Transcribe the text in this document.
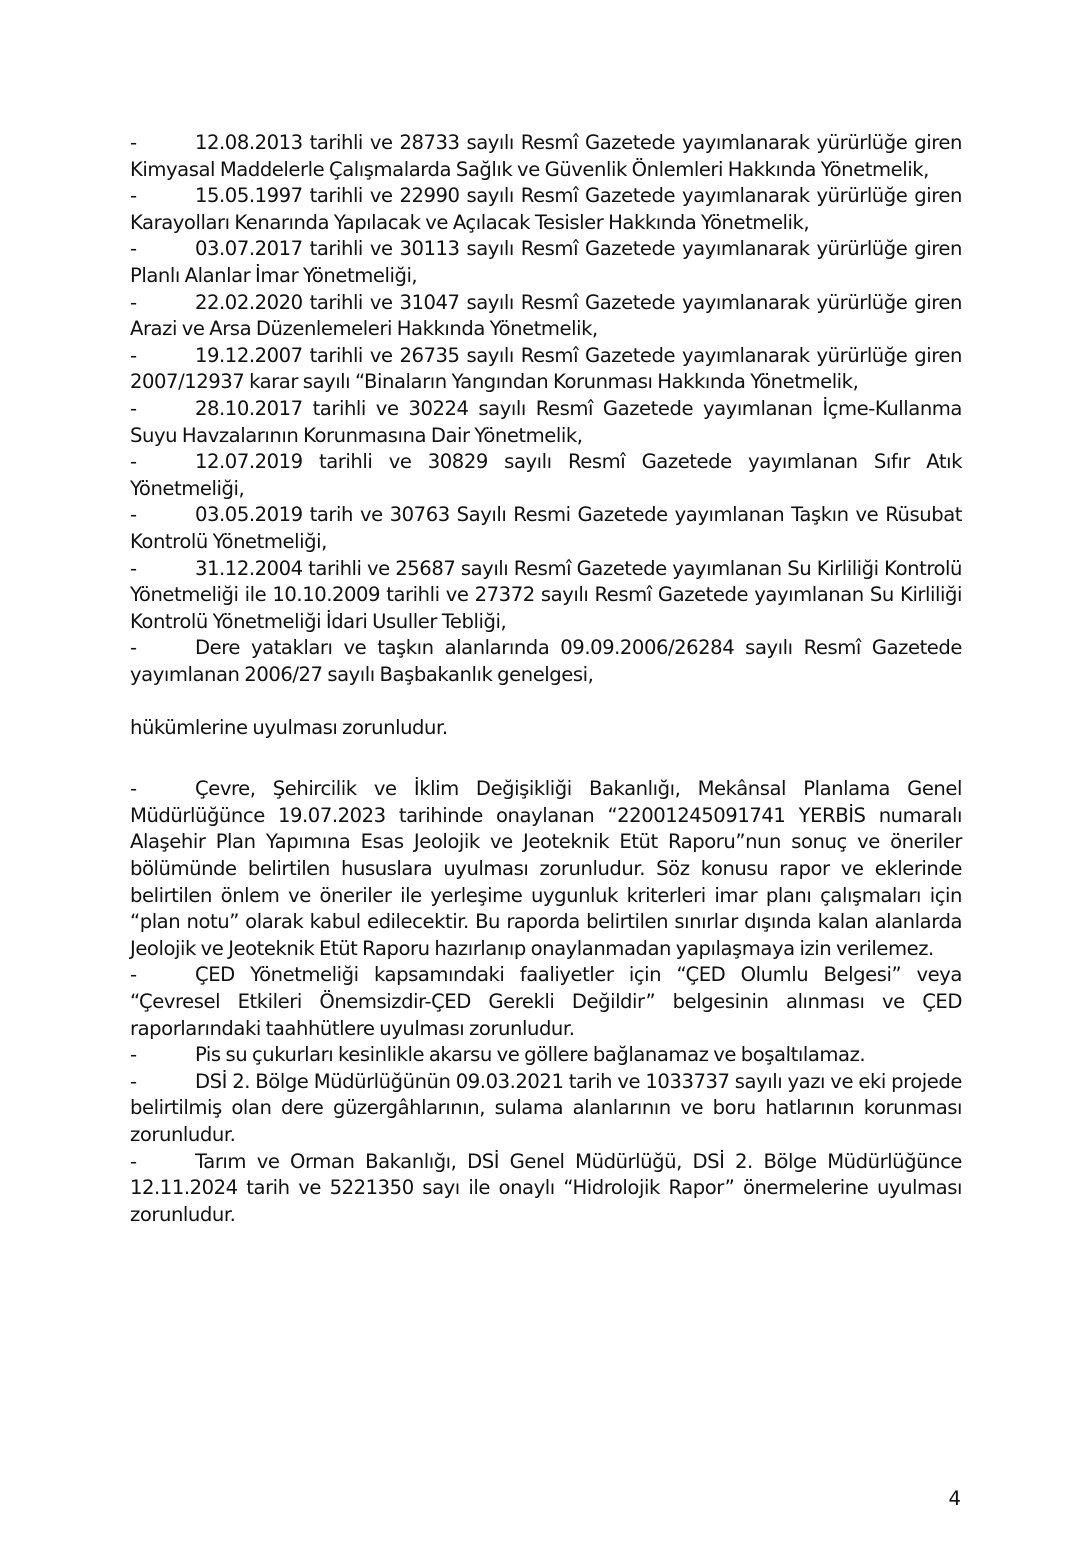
-	12.08.2013 tarihli ve 28733 sayılı Resmî Gazetede yayımlanarak yürürlüğe giren Kimyasal Maddelerle Çalışmalarda Sağlık ve Güvenlik Önlemleri Hakkında Yönetmelik,

-	15.05.1997 tarihli ve 22990 sayılı Resmî Gazetede yayımlanarak yürürlüğe giren Karayolları Kenarında Yapılacak ve Açılacak Tesisler Hakkında Yönetmelik,

-	03.07.2017 tarihli ve 30113 sayılı Resmî Gazetede yayımlanarak yürürlüğe giren Planlı Alanlar İmar Yönetmeliği,

-	22.02.2020 tarihli ve 31047 sayılı Resmî Gazetede yayımlanarak yürürlüğe giren Arazi ve Arsa Düzenlemeleri Hakkında Yönetmelik,

-	19.12.2007 tarihli ve 26735 sayılı Resmî Gazetede yayımlanarak yürürlüğe giren 2007/12937 karar sayılı “Binaların Yangından Korunması Hakkında Yönetmelik,

-	28.10.2017 tarihli ve 30224 sayılı Resmî Gazetede yayımlanan İçme-Kullanma Suyu Havzalarının Korunmasına Dair Yönetmelik,

-	12.07.2019 tarihli ve 30829 sayılı Resmî Gazetede yayımlanan Sıfır Atık Yönetmeliği,

-	03.05.2019 tarih ve 30763 Sayılı Resmi Gazetede yayımlanan Taşkın ve Rüsubat Kontrolü Yönetmeliği,

-	31.12.2004 tarihli ve 25687 sayılı Resmî Gazetede yayımlanan Su Kirliliği Kontrolü Yönetmeliği ile 10.10.2009 tarihli ve 27372 sayılı Resmî Gazetede yayımlanan Su Kirliliği Kontrolü Yönetmeliği İdari Usuller Tebliği,

-	Dere yatakları ve taşkın alanlarında 09.09.2006/26284 sayılı Resmî Gazetede yayımlanan 2006/27 sayılı Başbakanlık genelgesi,

hükümlerine uyulması zorunludur.

-	Çevre, Şehircilik ve İklim Değişikliği Bakanlığı, Mekânsal Planlama Genel Müdürlüğünce 19.07.2023 tarihinde onaylanan “22001245091741 YERBİS numaralı Alaşehir Plan Yapımına Esas Jeolojik ve Jeoteknik Etüt Raporu”nun sonuç ve öneriler bölümünde belirtilen hususlara uyulması zorunludur. Söz konusu rapor ve eklerinde belirtilen önlem ve öneriler ile yerleşime uygunluk kriterleri imar planı çalışmaları için “plan notu” olarak kabul edilecektir. Bu raporda belirtilen sınırlar dışında kalan alanlarda Jeolojik ve Jeoteknik Etüt Raporu hazırlanıp onaylanmadan yapılaşmaya izin verilemez.

-	ÇED Yönetmeliği kapsamındaki faaliyetler için “ÇED Olumlu Belgesi” veya “Çevresel Etkileri Önemsizdir-ÇED Gerekli Değildir” belgesinin alınması ve ÇED raporlarındaki taahhütlere uyulması zorunludur.

-	Pis su çukurları kesinlikle akarsu ve göllere bağlanamaz ve boşaltılamaz.

-	DSİ 2. Bölge Müdürlüğünün 09.03.2021 tarih ve 1033737 sayılı yazı ve eki projede belirtilmiş olan dere güzergâhlarının, sulama alanlarının ve boru hatlarının korunması zorunludur.

-	Tarım ve Orman Bakanlığı, DSİ Genel Müdürlüğü, DSİ 2. Bölge Müdürlüğünce 12.11.2024 tarih ve 5221350 sayı ile onaylı “Hidrolojik Rapor” önermelerine uyulması zorunludur.

4
